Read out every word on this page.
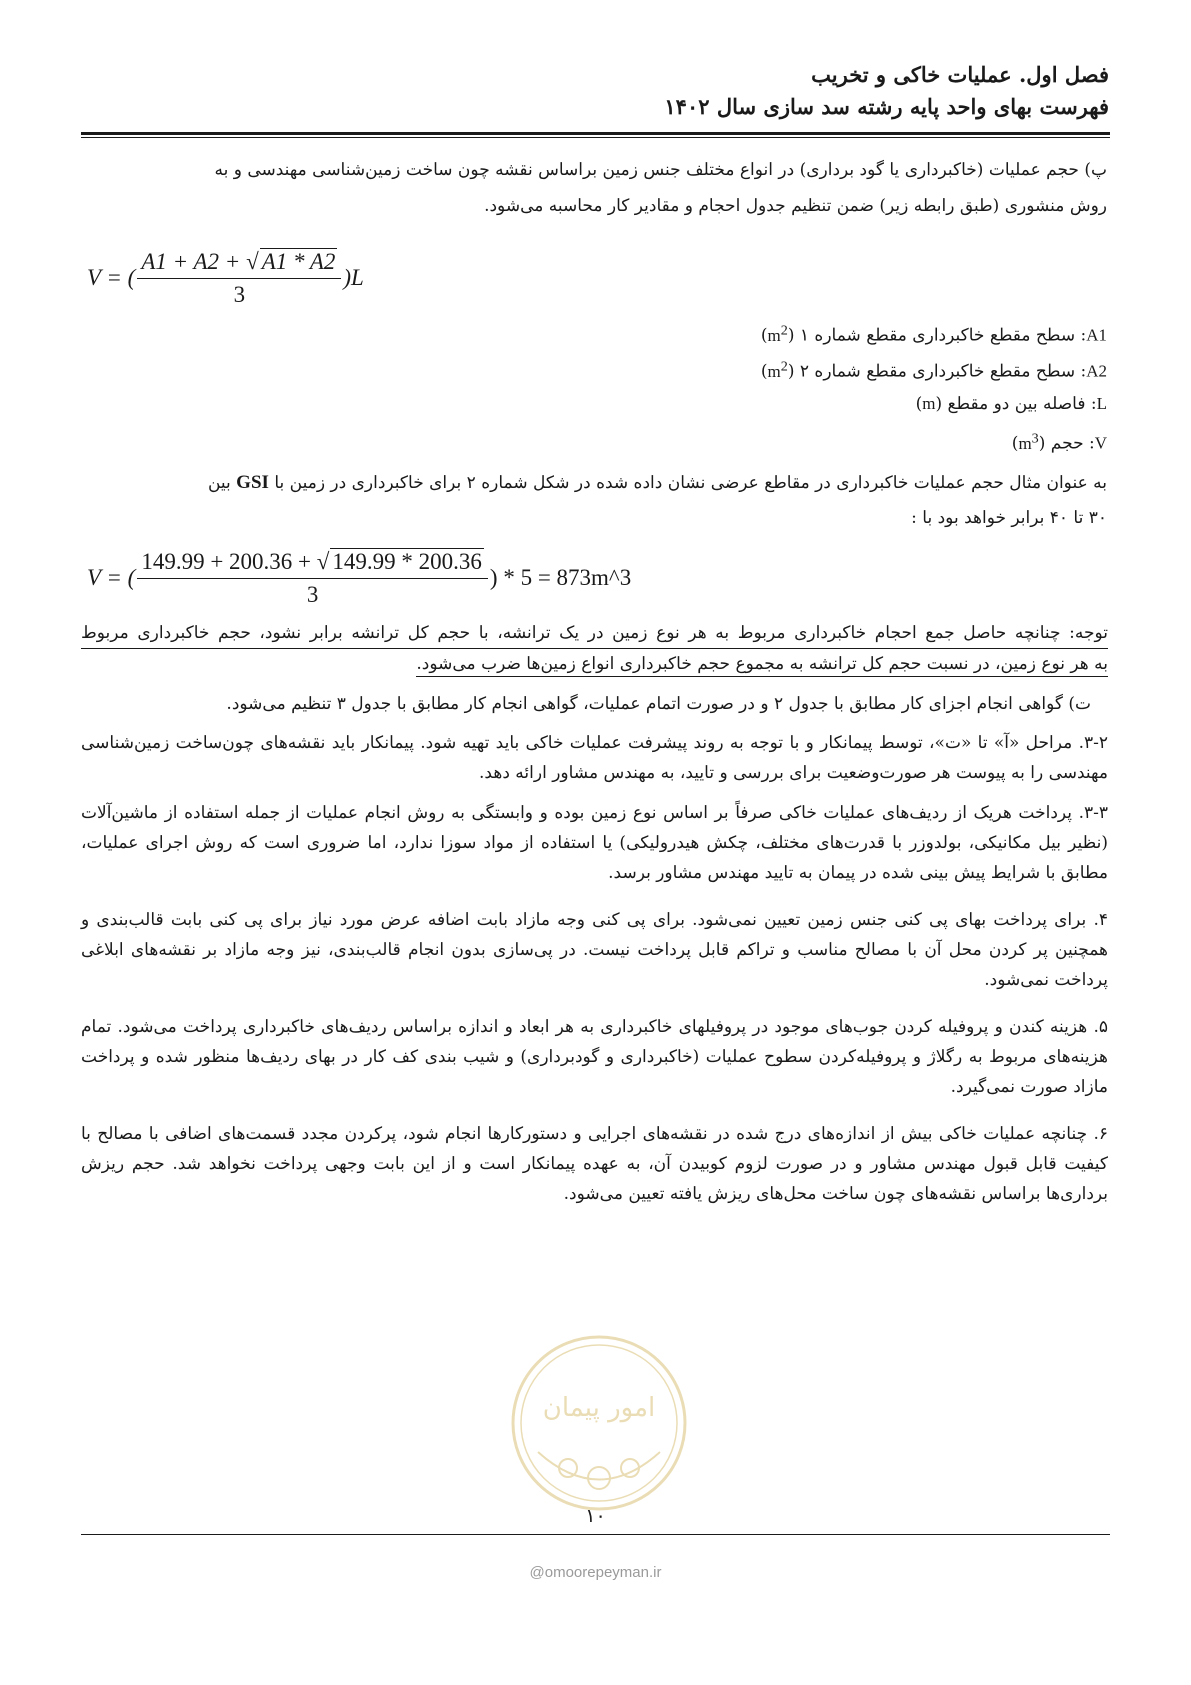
فصل اول. عملیات خاکی و تخریب
فهرست بهای واحد پایه رشته سد سازی سال ۱۴۰۲
پ) حجم عملیات (خاکبرداری یا گود برداری) در انواع مختلف جنس زمین براساس نقشه چون ساخت زمین‌شناسی مهندسی و به
روش منشوری (طبق رابطه زیر) ضمن تنظیم جدول احجام و مقادیر کار محاسبه می‌شود.
V = ( $\frac{A1 + A2 + √ A1 * A2}{3} )L$
A1: سطح مقطع خاکبرداری مقطع شماره ۱ $(m^2)$
A2: سطح مقطع خاکبرداری مقطع شماره ۲ $(m^2)$
L: فاصله بین دو مقطع (m)
V: حجم $(m^3)$
به عنوان مثال حجم عملیات خاکبرداری در مقاطع عرضی نشان داده شده در شکل شماره ۲ برای خاکبرداری در زمین با GSI بین
۳۰ تا ۴۰ برابر خواهد بود با :
V = ( $\frac{149.99 + 200.36 + √ 149.99 * 200.36}{3}$ ) * 5 = 873m^3
توجه: چنانچه حاصل جمع احجام خاکبرداری مربوط به هر نوع زمین در یک ترانشه، با حجم کل ترانشه برابر نشود، حجم خاکبرداری مربوط
به هر نوع زمین، در نسبت حجم کل ترانشه به مجموع حجم خاکبرداری انواع زمین‌ها ضرب می‌شود.
ت) گواهی انجام اجزای کار مطابق با جدول ۲ و در صورت اتمام عملیات، گواهی انجام کار مطابق با جدول ۳ تنظیم می‌شود.
۳-۲. مراحل «آ» تا «ت»، توسط پیمانکار و با توجه به روند پیشرفت عملیات خاکی باید تهیه شود. پیمانکار باید نقشه‌های چون‌ساخت زمین‌شناسی مهندسی را به پیوست هر صورت‌وضعیت برای بررسی و تایید، به مهندس مشاور ارائه دهد.
۳-۳. پرداخت هریک از ردیف‌های عملیات خاکی صرفاً بر اساس نوع زمین بوده و وابستگی به روش انجام عملیات از جمله استفاده از ماشین‌آلات (نظیر بیل مکانیکی، بولدوزر با قدرت‌های مختلف، چکش هیدرولیکی) یا استفاده از مواد سوزا ندارد، اما ضروری است که روش اجرای عملیات، مطابق با شرایط پیش بینی شده در پیمان به تایید مهندس مشاور برسد.
۴. برای پرداخت بهای پی کنی جنس زمین تعیین نمی‌شود. برای پی کنی وجه مازاد بابت اضافه عرض مورد نیاز برای پی کنی بابت قالب‌بندی و همچنین پر کردن محل آن با مصالح مناسب و تراکم قابل پرداخت نیست. در پی‌سازی بدون انجام قالب‌بندی، نیز وجه مازاد بر نقشه‌های ابلاغی پرداخت نمی‌شود.
۵. هزینه کندن و پروفیله کردن جوب‌های موجود در پروفیلهای خاکبرداری به هر ابعاد و اندازه براساس ردیف‌های خاکبرداری پرداخت می‌شود. تمام هزینه‌های مربوط به رگلاژ و پروفیله‌کردن سطوح عملیات (خاکبرداری و گودبرداری) و شیب بندی کف کار در بهای ردیف‌ها منظور شده و پرداخت مازاد صورت نمی‌گیرد.
۶. چنانچه عملیات خاکی بیش از اندازه‌های درج شده در نقشه‌های اجرایی و دستورکارها انجام شود، پرکردن مجدد قسمت‌های اضافی با مصالح با کیفیت قابل قبول مهندس مشاور و در صورت لزوم کوبیدن آن، به عهده پیمانکار است و از این بابت وجهی پرداخت نخواهد شد. حجم ریزش برداری‌ها براساس نقشه‌های چون ساخت محل‌های ریزش یافته تعیین می‌شود.
امور پیمان
۱۰
@omoorepeyman.ir
